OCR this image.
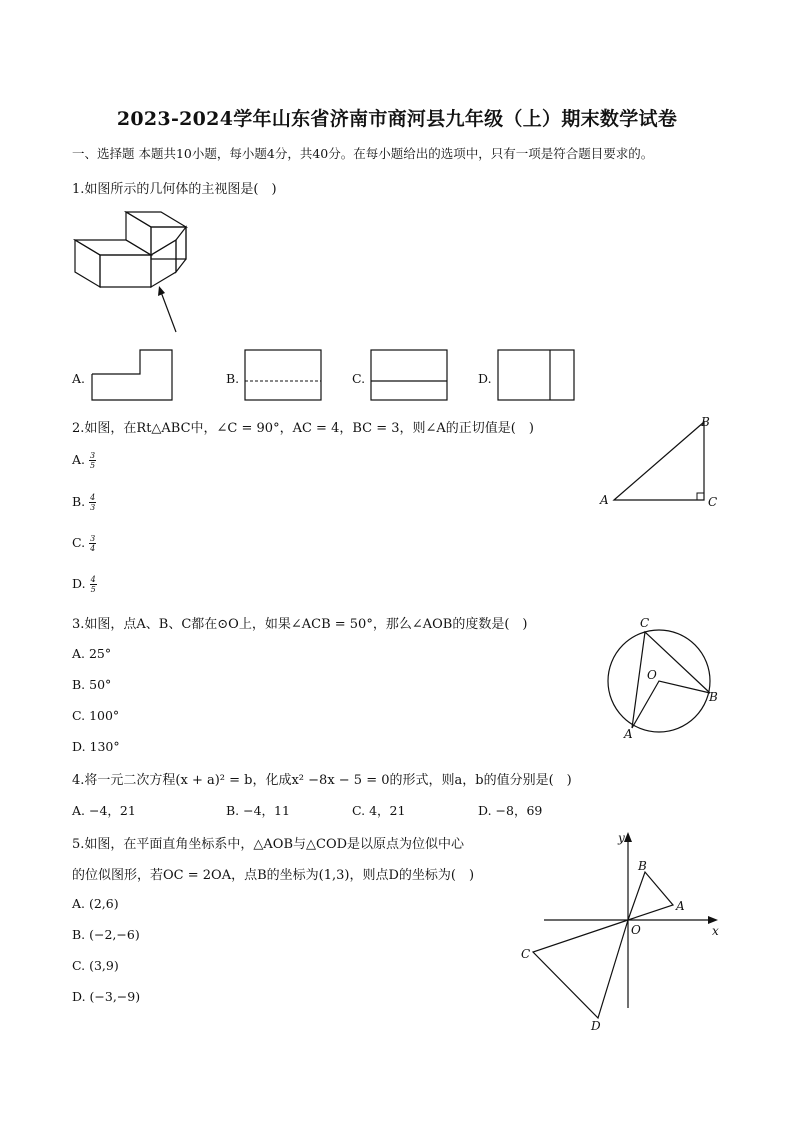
2023-2024学年山东省济南市商河县九年级（上）期末数学试卷
一、选择题 本题共10小题，每小题4分，共40分。在每小题给出的选项中，只有一项是符合题目要求的。
1.如图所示的几何体的主视图是(　)
A.	B.	C.	D.
2.如图，在Rt△ABC中，∠C = 90°，AC = 4，BC = 3，则∠A的正切值是(　)
A. $\frac{3}{5}$
B. $\frac{4}{3}$
C. $\frac{3}{4}$
D. $\frac{4}{5}$
A
B
C
3.如图，点A、B、C都在⊙O上，如果∠ACB = 50°，那么∠AOB的度数是(　)
A. 25°
B. 50°
C. 100°
D. 130°
C
O
B
A
4.将一元二次方程(x + a)² = b，化成x² −8x − 5 = 0的形式，则a，b的值分别是(　)
A. −4，21	B. −4，11	C. 4，21	D. −8，69
5.如图，在平面直角坐标系中，△AOB与△COD是以原点为位似中心
的位似图形，若OC = 2OA，点B的坐标为(1,3)，则点D的坐标为(　)
A. (2,6)
B. (−2,−6)
C. (3,9)
D. (−3,−9)
x
y
O
B
A
C
D
